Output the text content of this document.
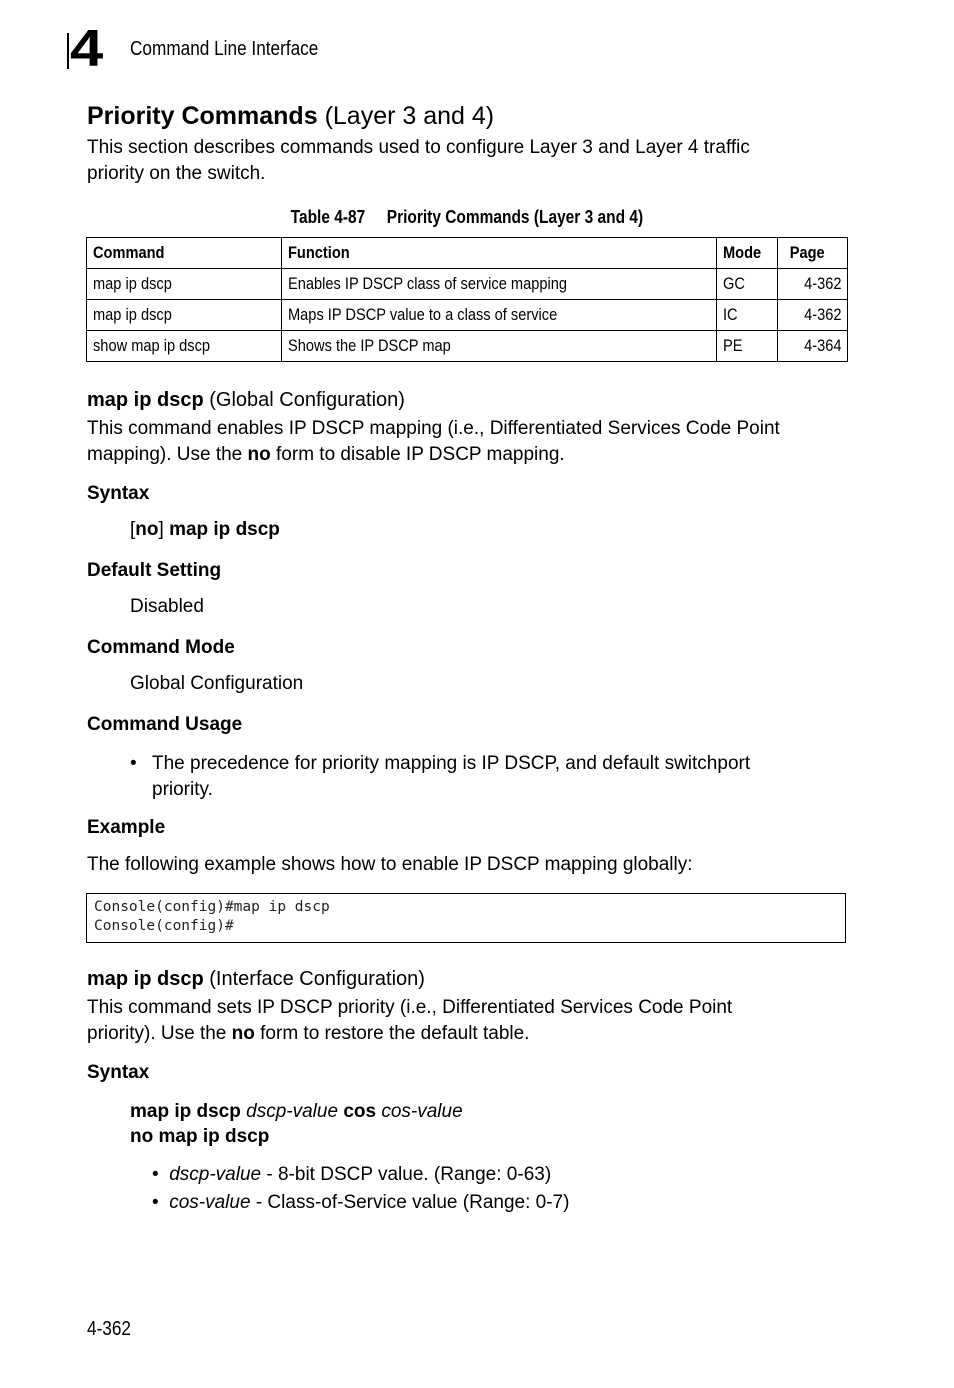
4 Command Line Interface
Priority Commands (Layer 3 and 4)
This section describes commands used to configure Layer 3 and Layer 4 traffic
priority on the switch.
Table 4-87     Priority Commands (Layer 3 and 4)
Command	Function	Mode	Page
map ip dscp	Enables IP DSCP class of service mapping	GC	4-362
map ip dscp	Maps IP DSCP value to a class of service	IC	4-362
show map ip dscp	Shows the IP DSCP map	PE	4-364
map ip dscp (Global Configuration)
This command enables IP DSCP mapping (i.e., Differentiated Services Code Point
mapping). Use the no form to disable IP DSCP mapping.
Syntax
[no] map ip dscp
Default Setting
Disabled
Command Mode
Global Configuration
Command Usage
• The precedence for priority mapping is IP DSCP, and default switchport
priority.
Example
The following example shows how to enable IP DSCP mapping globally:
Console(config)#map ip dscp
Console(config)#
map ip dscp (Interface Configuration)
This command sets IP DSCP priority (i.e., Differentiated Services Code Point
priority). Use the no form to restore the default table.
Syntax
map ip dscp dscp-value cos cos-value
no map ip dscp
• dscp-value - 8-bit DSCP value. (Range: 0-63)
• cos-value - Class-of-Service value (Range: 0-7)
4-362
